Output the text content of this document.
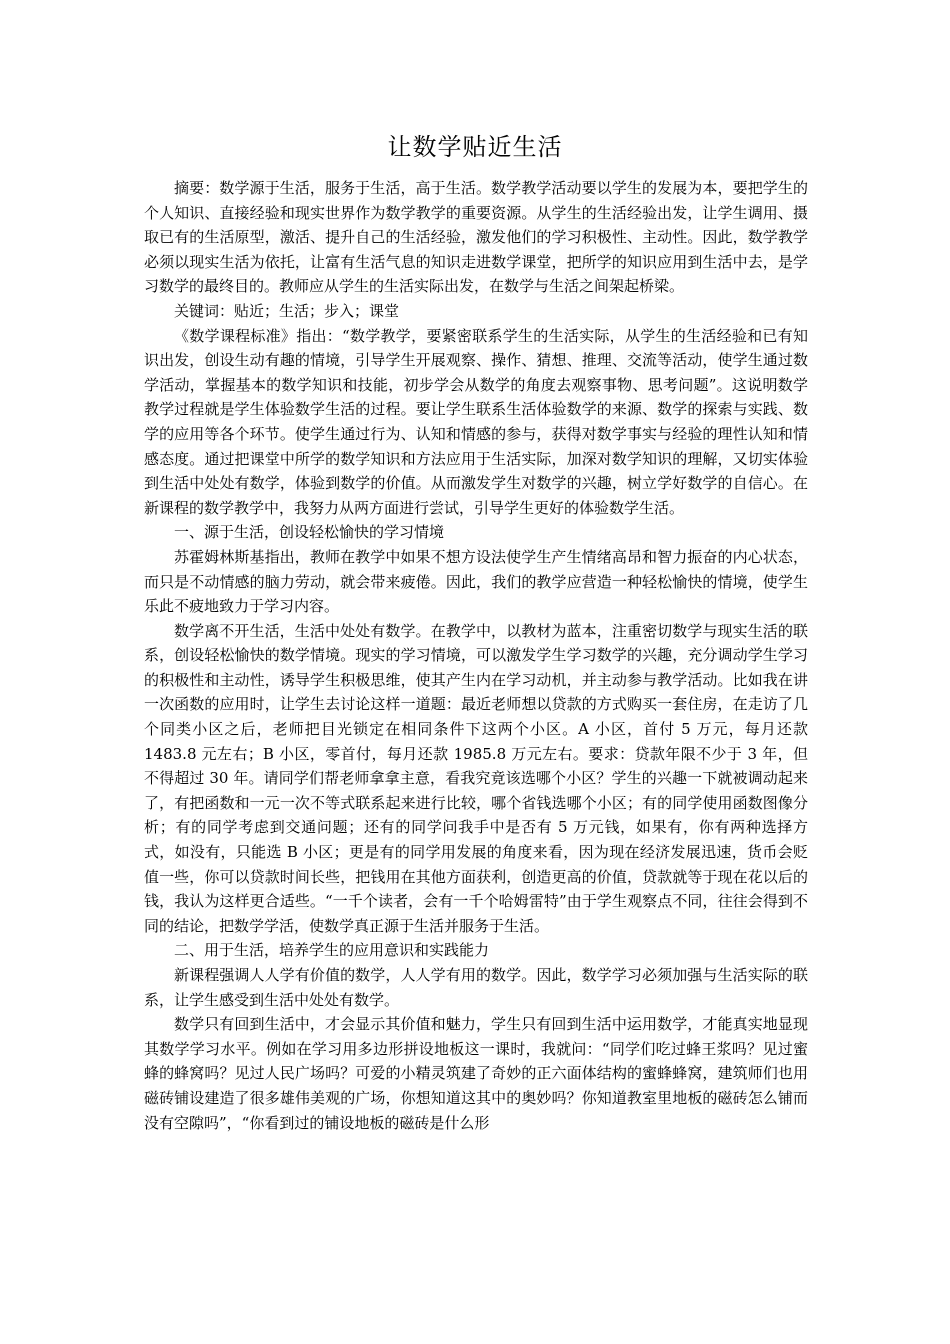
让数学贴近生活

摘要：数学源于生活，服务于生活，高于生活。数学教学活动要以学生的发展为本，要把学生的个人知识、直接经验和现实世界作为数学教学的重要资源。从学生的生活经验出发，让学生调用、摄取已有的生活原型，激活、提升自己的生活经验，激发他们的学习积极性、主动性。因此，数学教学必须以现实生活为依托，让富有生活气息的知识走进数学课堂，把所学的知识应用到生活中去，是学习数学的最终目的。教师应从学生的生活实际出发，在数学与生活之间架起桥梁。

关键词：贴近；生活；步入；课堂

《数学课程标准》指出：“数学教学，要紧密联系学生的生活实际，从学生的生活经验和已有知识出发，创设生动有趣的情境，引导学生开展观察、操作、猜想、推理、交流等活动，使学生通过数学活动，掌握基本的数学知识和技能，初步学会从数学的角度去观察事物、思考问题”。这说明数学教学过程就是学生体验数学生活的过程。要让学生联系生活体验数学的来源、数学的探索与实践、数学的应用等各个环节。使学生通过行为、认知和情感的参与，获得对数学事实与经验的理性认知和情感态度。通过把课堂中所学的数学知识和方法应用于生活实际，加深对数学知识的理解，又切实体验到生活中处处有数学，体验到数学的价值。从而激发学生对数学的兴趣，树立学好数学的自信心。在新课程的数学教学中，我努力从两方面进行尝试，引导学生更好的体验数学生活。

一、源于生活，创设轻松愉快的学习情境

苏霍姆林斯基指出，教师在教学中如果不想方设法使学生产生情绪高昂和智力振奋的内心状态，而只是不动情感的脑力劳动，就会带来疲倦。因此，我们的教学应营造一种轻松愉快的情境，使学生乐此不疲地致力于学习内容。

数学离不开生活，生活中处处有数学。在教学中，以教材为蓝本，注重密切数学与现实生活的联系，创设轻松愉快的数学情境。现实的学习情境，可以激发学生学习数学的兴趣，充分调动学生学习的积极性和主动性，诱导学生积极思维，使其产生内在学习动机，并主动参与教学活动。比如我在讲一次函数的应用时，让学生去讨论这样一道题：最近老师想以贷款的方式购买一套住房，在走访了几个同类小区之后，老师把目光锁定在相同条件下这两个小区。A 小区，首付 5 万元，每月还款 1483.8 元左右；B 小区，零首付，每月还款 1985.8 万元左右。要求：贷款年限不少于 3 年，但不得超过 30 年。请同学们帮老师拿拿主意，看我究竟该选哪个小区？学生的兴趣一下就被调动起来了，有把函数和一元一次不等式联系起来进行比较，哪个省钱选哪个小区；有的同学使用函数图像分析；有的同学考虑到交通问题；还有的同学问我手中是否有 5 万元钱，如果有，你有两种选择方式，如没有，只能选 B 小区；更是有的同学用发展的角度来看，因为现在经济发展迅速，货币会贬值一些，你可以贷款时间长些，把钱用在其他方面获利，创造更高的价值，贷款就等于现在花以后的钱，我认为这样更合适些。“一千个读者，会有一千个哈姆雷特”由于学生观察点不同，往往会得到不同的结论，把数学学活，使数学真正源于生活并服务于生活。

二、用于生活，培养学生的应用意识和实践能力

新课程强调人人学有价值的数学，人人学有用的数学。因此，数学学习必须加强与生活实际的联系，让学生感受到生活中处处有数学。

数学只有回到生活中，才会显示其价值和魅力，学生只有回到生活中运用数学，才能真实地显现其数学学习水平。例如在学习用多边形拼设地板这一课时，我就问：“同学们吃过蜂王浆吗？见过蜜蜂的蜂窝吗？见过人民广场吗？可爱的小精灵筑建了奇妙的正六面体结构的蜜蜂蜂窝，建筑师们也用磁砖铺设建造了很多雄伟美观的广场，你想知道这其中的奥妙吗？你知道教室里地板的磁砖怎么铺而没有空隙吗”，“你看到过的铺设地板的磁砖是什么形
